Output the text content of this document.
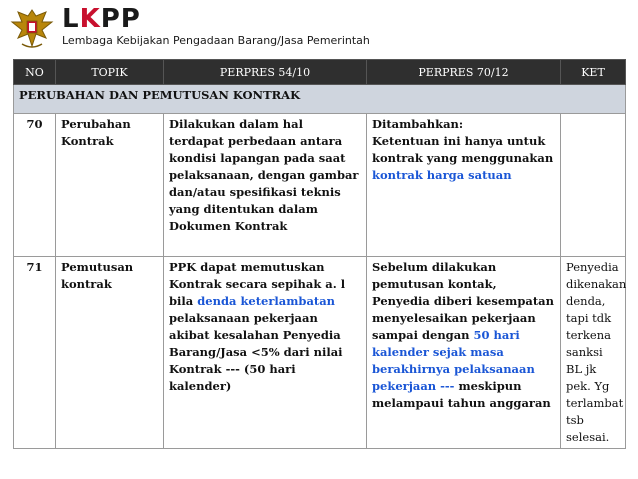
LKPP
Lembaga Kebijakan Pengadaan Barang/Jasa Pemerintah
NO	TOPIK	PERPRES 54/10	PERPRES 70/12	KET
PERUBAHAN DAN PEMUTUSAN KONTRAK				
70	Perubahan Kontrak	Dilakukan dalam hal terdapat perbedaan antara kondisi lapangan pada saat pelaksanaan, dengan gambar dan/atau spesifikasi teknis yang ditentukan dalam Dokumen Kontrak	Ditambahkan:
Ketentuan ini hanya untuk kontrak yang menggunakan kontrak harga satuan	
71	Pemutusan kontrak	PPK dapat memutuskan Kontrak secara sepihak a. l bila denda keterlambatan pelaksanaan pekerjaan akibat kesalahan Penyedia Barang/Jasa <5% dari nilai Kontrak --- (50 hari kalender)	Sebelum dilakukan pemutusan kontak, Penyedia diberi kesempatan menyelesaikan pekerjaan sampai dengan 50 hari kalender sejak masa berakhirnya pelaksanaan pekerjaan --- meskipun melampaui tahun anggaran	Penyedia dikenakan denda, tapi tdk terkena sanksi BL jk pek. Yg terlambat tsb selesai.
